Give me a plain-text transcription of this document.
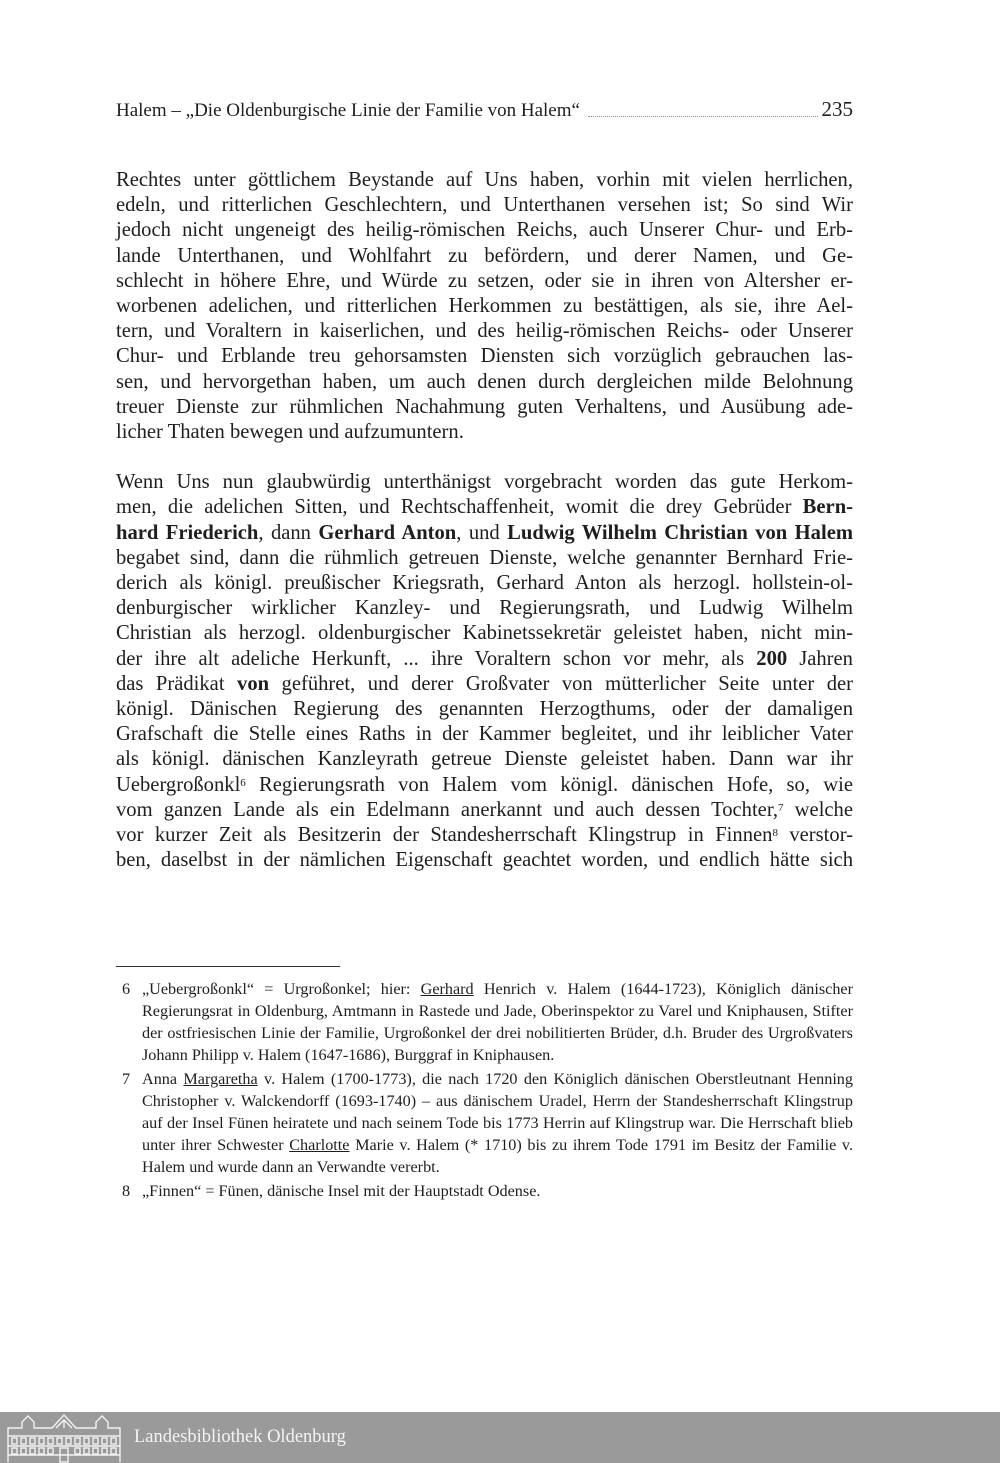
Halem – „Die Oldenburgische Linie der Familie von Halem“	235

Rechtes unter göttlichem Beystande auf Uns haben, vorhin mit vielen herrlichen,
edeln, und ritterlichen Geschlechtern, und Unterthanen versehen ist; So sind Wir
jedoch nicht ungeneigt des heilig-römischen Reichs, auch Unserer Chur- und Erb-
lande Unterthanen, und Wohlfahrt zu befördern, und derer Namen, und Ge-
schlecht in höhere Ehre, und Würde zu setzen, oder sie in ihren von Altersher er-
worbenen adelichen, und ritterlichen Herkommen zu bestättigen, als sie, ihre Ael-
tern, und Voraltern in kaiserlichen, und des heilig-römischen Reichs- oder Unserer
Chur- und Erblande treu gehorsamsten Diensten sich vorzüglich gebrauchen las-
sen, und hervorgethan haben, um auch denen durch dergleichen milde Belohnung
treuer Dienste zur rühmlichen Nachahmung guten Verhaltens, und Ausübung ade-
licher Thaten bewegen und aufzumuntern.

Wenn Uns nun glaubwürdig unterthänigst vorgebracht worden das gute Herkom-
men, die adelichen Sitten, und Rechtschaffenheit, womit die drey Gebrüder Bern-
hard Friederich, dann Gerhard Anton, und Ludwig Wilhelm Christian von Halem
begabet sind, dann die rühmlich getreuen Dienste, welche genannter Bernhard Frie-
derich als königl. preußischer Kriegsrath, Gerhard Anton als herzogl. hollstein-ol-
denburgischer wirklicher Kanzley- und Regierungsrath, und Ludwig Wilhelm
Christian als herzogl. oldenburgischer Kabinetssekretär geleistet haben, nicht min-
der ihre alt adeliche Herkunft, ... ihre Voraltern schon vor mehr, als 200 Jahren
das Prädikat von geführet, und derer Großvater von mütterlicher Seite unter der
königl. Dänischen Regierung des genannten Herzogthums, oder der damaligen
Grafschaft die Stelle eines Raths in der Kammer begleitet, und ihr leiblicher Vater
als königl. dänischen Kanzleyrath getreue Dienste geleistet haben. Dann war ihr
Uebergroßonkl$^6$ Regierungsrath von Halem vom königl. dänischen Hofe, so, wie
vom ganzen Lande als ein Edelmann anerkannt und auch dessen Tochter,$^7$ welche
vor kurzer Zeit als Besitzerin der Standesherrschaft Klingstrup in Finnen$^8$ verstor-
ben, daselbst in der nämlichen Eigenschaft geachtet worden, und endlich hätte sich

6 „Uebergroßonkl“ = Urgroßonkel; hier: Gerhard Henrich v. Halem (1644-1723), Königlich dänischer Regierungsrat in Oldenburg, Amtmann in Rastede und Jade, Oberinspektor zu Varel und Kniphausen, Stifter der ostfriesischen Linie der Familie, Urgroßonkel der drei nobilitierten Brüder, d.h. Bruder des Urgroßvaters Johann Philipp v. Halem (1647-1686), Burggraf in Kniphausen.
7 Anna Margaretha v. Halem (1700-1773), die nach 1720 den Königlich dänischen Oberstleutnant Henning Christopher v. Walckendorff (1693-1740) – aus dänischem Uradel, Herrn der Standesherrschaft Klingstrup auf der Insel Fünen heiratete und nach seinem Tode bis 1773 Herrin auf Klingstrup war. Die Herrschaft blieb unter ihrer Schwester Charlotte Marie v. Halem (* 1710) bis zu ihrem Tode 1791 im Besitz der Familie v. Halem und wurde dann an Verwandte vererbt.
8 „Finnen“ = Fünen, dänische Insel mit der Hauptstadt Odense.
Landesbibliothek Oldenburg
